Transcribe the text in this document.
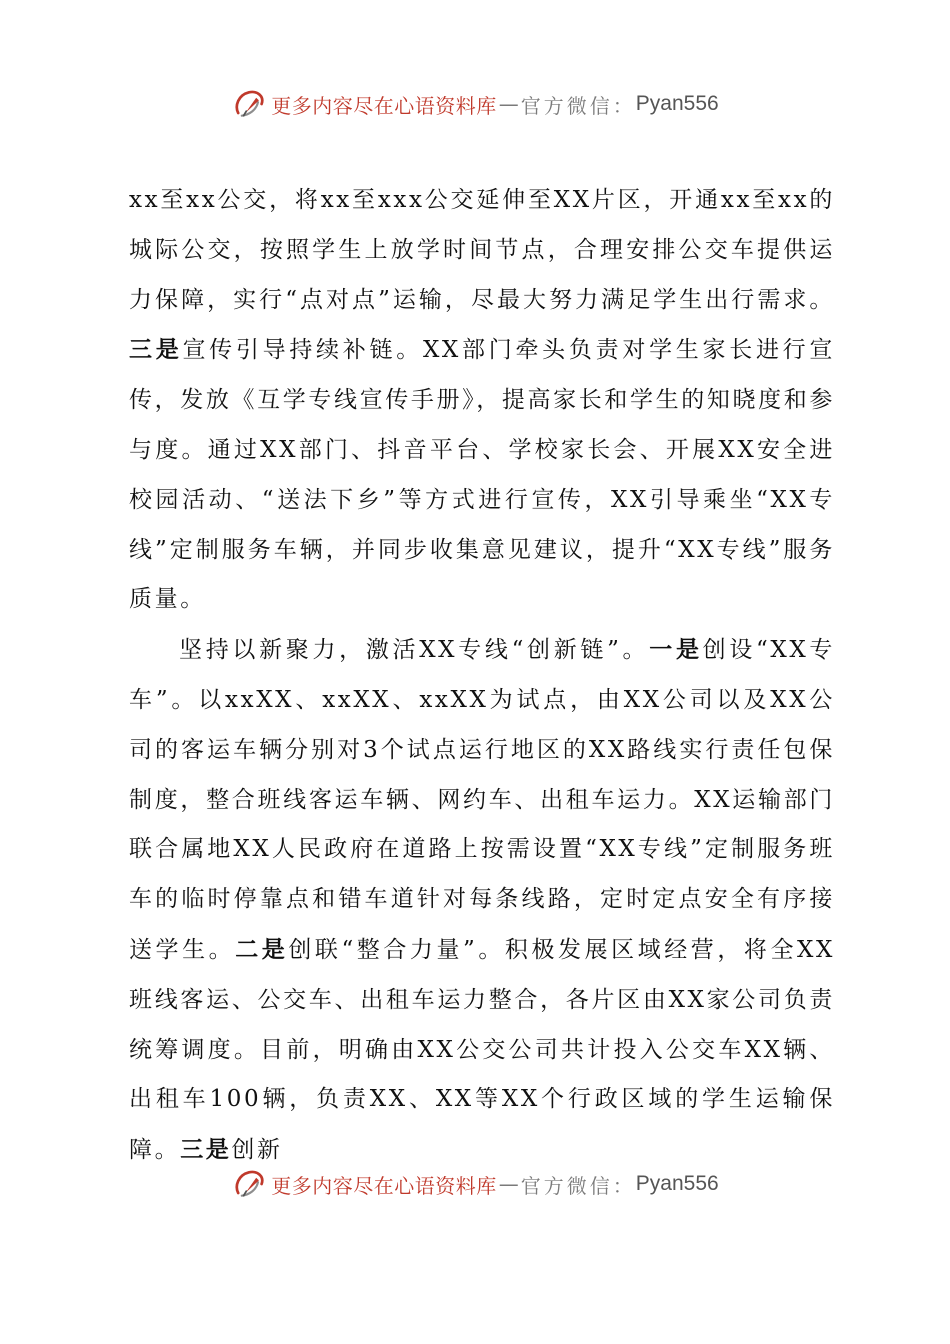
更多内容尽在心语资料库 — 官方微信： Pyan556

xx至xx公交，将xx至xxx公交延伸至XX片区，开通xx至xx的城际公交，按照学生上放学时间节点，合理安排公交车提供运力保障，实行“点对点”运输，尽最大努力满足学生出行需求。三是宣传引导持续补链。XX部门牵头负责对学生家长进行宣传，发放《互学专线宣传手册》，提高家长和学生的知晓度和参与度。通过XX部门、抖音平台、学校家长会、开展XX安全进校园活动、“送法下乡”等方式进行宣传，XX引导乘坐“XX专线”定制服务车辆，并同步收集意见建议，提升“XX专线”服务质量。

坚持以新聚力，激活XX专线“创新链”。一是创设“XX专车”。以xxXX、xxXX、xxXX为试点，由XX公司以及XX公司的客运车辆分别对3个试点运行地区的XX路线实行责任包保制度，整合班线客运车辆、网约车、出租车运力。XX运输部门联合属地XX人民政府在道路上按需设置“XX专线”定制服务班车的临时停靠点和错车道针对每条线路，定时定点安全有序接送学生。二是创联“整合力量”。积极发展区域经营，将全XX班线客运、公交车、出租车运力整合，各片区由XX家公司负责统筹调度。目前，明确由XX公交公司共计投入公交车XX辆、出租车100辆，负责XX、XX等XX个行政区域的学生运输保障。三是创新

更多内容尽在心语资料库 — 官方微信： Pyan556
